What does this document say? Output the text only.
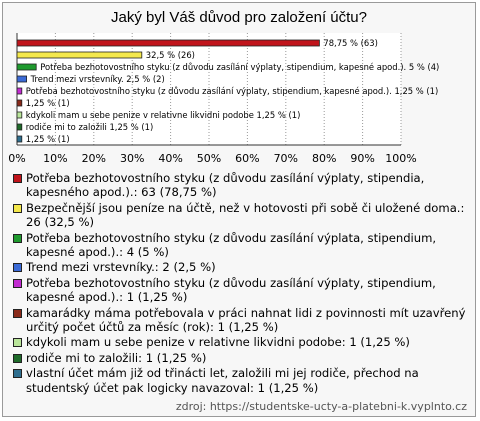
Jaký byl Váš důvod pro založení účtu?
0% 10% 20% 30% 40% 50% 60% 70% 80% 90% 100%
78,75 % (63)
32,5 % (26)
Potřeba bezhotovostního styku (z důvodu zasílání výplaty, stipendium, kapesné apod.). 5 % (4)
Trend mezi vrstevníky. 2,5 % (2)
Potřeba bezhotovostního styku (z důvodu zasílání výplaty, stipendium, kapesné apod.). 1,25 % (1)
1,25 % (1)
kdykoli mam u sebe penize v relativne likvidni podobe 1,25 % (1)
rodiče mi to založili 1,25 % (1)
1,25 % (1)
Potřeba bezhotovostního styku (z důvodu zasílání výplaty, stipendia, kapesného apod.).: 63 (78,75 %)
Bezpečnější jsou peníze na účtě, než v hotovosti při sobě či uložené doma.: 26 (32,5 %)
Potřeba bezhotovostního styku (z důvodu zasílání výplata, stipendium, kapesné apod.).: 4 (5 %)
Trend mezi vrstevníky.: 2 (2,5 %)
Potřeba bezhotovostního styku (z důvodu zasílání výplaty, stipendium, kapesné apod.).: 1 (1,25 %)
kamarádky máma potřebovala v práci nahnat lidi z povinnosti mít uzavřený určitý počet účtů za měsíc (rok): 1 (1,25 %)
kdykoli mam u sebe penize v relativne likvidni podobe: 1 (1,25 %)
rodiče mi to založili: 1 (1,25 %)
vlastní účet mám již od třinácti let, založili mi jej rodiče, přechod na studentský účet pak logicky navazoval: 1 (1,25 %)
zdroj: https://studentske-ucty-a-platebni-k.vyplnto.cz
